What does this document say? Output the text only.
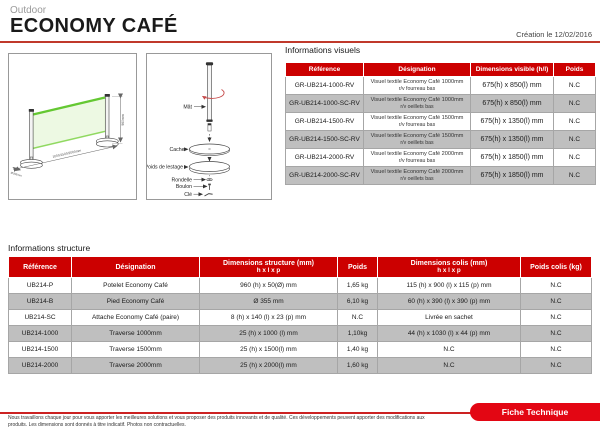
Outdoor
ECONOMY CAFÉ	Création le 12/02/2016
960mm
1000/1500/2000mm
Ø355mm
Mât
Cache
Poids de lestage
Rondelle
Boulon
Clé
Informations visuels
Référence	Désignation	Dimensions visible (h/l)	Poids
GR-UB214-1000-RV	Visuel textile Economy Café 1000mm
r/v fourreau bas	675(h) x 850(l) mm	N.C
GR-UB214-1000-SC-RV	Visuel textile Economy Café 1000mm
r/v oeillets bas	675(h) x 850(l) mm	N.C
GR-UB214-1500-RV	Visuel textile Economy Café 1500mm
r/v fourreau bas	675(h) x 1350(l) mm	N.C
GR-UB214-1500-SC-RV	Visuel textile Economy Café 1500mm
r/v oeillets bas	675(h) x 1350(l) mm	N.C
GR-UB214-2000-RV	Visuel textile Economy Café 2000mm
r/v fourreau bas	675(h) x 1850(l) mm	N.C
GR-UB214-2000-SC-RV	Visuel textile Economy Café 2000mm
r/v oeillets bas	675(h) x 1850(l) mm	N.C
Informations structure
Référence	Désignation	Dimensions structure (mm)
h x l x p	Poids	Dimensions colis (mm)
h x l x p	Poids colis (kg)

UB214-P	Potelet Economy Café	960 (h) x 50(Ø) mm	1,65 kg	115 (h) x 900 (l) x 115 (p) mm	N.C
UB214-B	Pied Economy Café	Ø 355 mm	6,10 kg	60 (h) x 390 (l) x 390 (p) mm	N.C
UB214-SC	Attache Economy Café (paire)	8 (h) x 140 (l) x 23 (p) mm	N.C	Livrée en sachet	N.C
UB214-1000	Traverse 1000mm	25 (h) x 1000 (l) mm	1,10kg	44 (h) x 1030 (l) x 44 (p) mm	N.C
UB214-1500	Traverse 1500mm	25 (h) x 1500(l) mm	1,40 kg	N.C	N.C
UB214-2000	Traverse 2000mm	25 (h) x 2000(l) mm	1,60 kg	N.C	N.C
Nous travaillons chaque jour pour vous apporter les meilleures solutions et vous proposer des produits innovants et de qualité. Ces développements peuvent apporter des modifications aux
produits. Les dimensions sont donnés à titre indicatif. Photos non contractuelles.
Fiche Technique
